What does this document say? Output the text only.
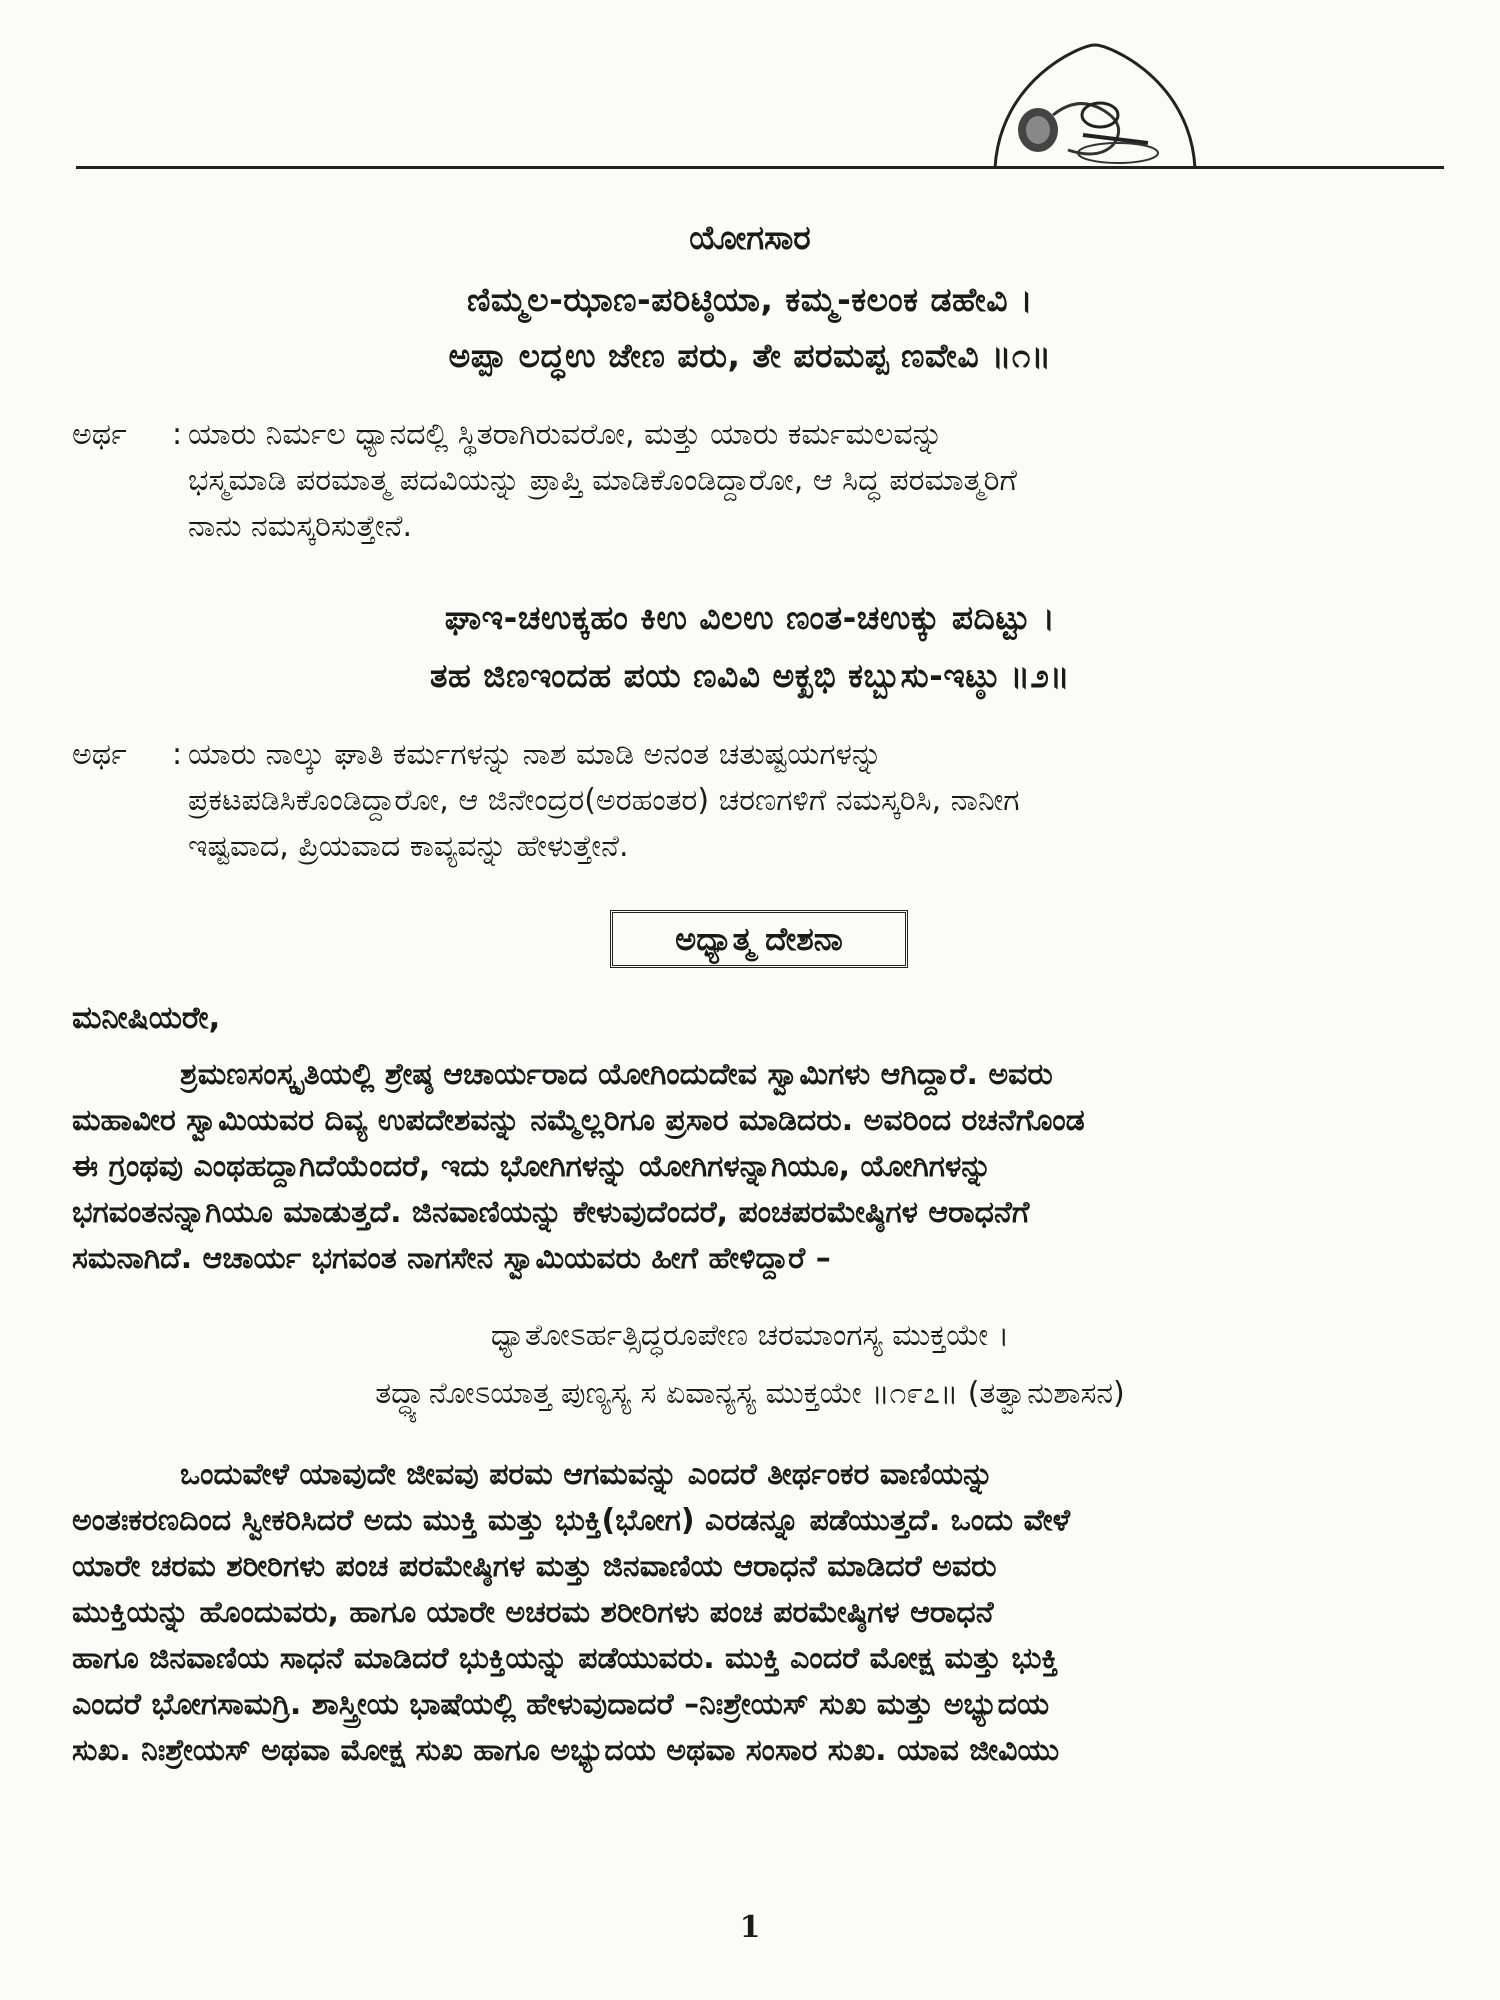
ಯೋಗಸಾರ
ಣಿಮ್ಮಲ-ಝಾಣ-ಪರಿಟ್ಠಿಯಾ, ಕಮ್ಮ-ಕಲಂಕ ಡಹೇವಿ ।
ಅಪ್ಪಾ ಲದ್ಧಉ ಜೇಣ ಪರು, ತೇ ಪರಮಪ್ಪ ಣವೇವಿ ॥೧॥
ಅರ್ಥ	: ಯಾರು ನಿರ್ಮಲ ಧ್ಯಾನದಲ್ಲಿ ಸ್ಥಿತರಾಗಿರುವರೋ, ಮತ್ತು ಯಾರು ಕರ್ಮಮಲವನ್ನು
ಭಸ್ಮಮಾಡಿ ಪರಮಾತ್ಮ ಪದವಿಯನ್ನು ಪ್ರಾಪ್ತಿ ಮಾಡಿಕೊಂಡಿದ್ದಾರೋ, ಆ ಸಿದ್ಧ ಪರಮಾತ್ಮರಿಗೆ
ನಾನು ನಮಸ್ಕರಿಸುತ್ತೇನೆ.
ಘಾಇ-ಚಉಕ್ಕಹಂ ಕಿಉ ವಿಲಉ ಣಂತ-ಚಉಕ್ಕು ಪದಿಟ್ಟು ।
ತಹ ಜಿಣಇಂದಹ ಪಯ ಣವಿವಿ ಅಕ್ಖಭಿ ಕಬ್ಬುಸು-ಇಟ್ಠು ॥೨॥
ಅರ್ಥ	: ಯಾರು ನಾಲ್ಕು ಘಾತಿ ಕರ್ಮಗಳನ್ನು ನಾಶ ಮಾಡಿ ಅನಂತ ಚತುಷ್ಟಯಗಳನ್ನು
ಪ್ರಕಟಪಡಿಸಿಕೊಂಡಿದ್ದಾರೋ, ಆ ಜಿನೇಂದ್ರರ(ಅರಹಂತರ) ಚರಣಗಳಿಗೆ ನಮಸ್ಕರಿಸಿ, ನಾನೀಗ
ಇಷ್ಟವಾದ, ಪ್ರಿಯವಾದ ಕಾವ್ಯವನ್ನು ಹೇಳುತ್ತೇನೆ.
ಅಧ್ಯಾತ್ಮ ದೇಶನಾ
ಮನೀಷಿಯರೇ,
ಶ್ರಮಣಸಂಸ್ಕೃತಿಯಲ್ಲಿ ಶ್ರೇಷ್ಠ ಆಚಾರ್ಯರಾದ ಯೋಗಿಂದುದೇವ ಸ್ವಾಮಿಗಳು ಆಗಿದ್ದಾರೆ. ಅವರು
ಮಹಾವೀರ ಸ್ವಾಮಿಯವರ ದಿವ್ಯ ಉಪದೇಶವನ್ನು ನಮ್ಮೆಲ್ಲರಿಗೂ ಪ್ರಸಾರ ಮಾಡಿದರು. ಅವರಿಂದ ರಚನೆಗೊಂಡ
ಈ ಗ್ರಂಥವು ಎಂಥಹದ್ದಾಗಿದೆಯೆಂದರೆ, ಇದು ಭೋಗಿಗಳನ್ನು ಯೋಗಿಗಳನ್ನಾಗಿಯೂ, ಯೋಗಿಗಳನ್ನು
ಭಗವಂತನನ್ನಾಗಿಯೂ ಮಾಡುತ್ತದೆ. ಜಿನವಾಣಿಯನ್ನು ಕೇಳುವುದೆಂದರೆ, ಪಂಚಪರಮೇಷ್ಠಿಗಳ ಆರಾಧನೆಗೆ
ಸಮನಾಗಿದೆ. ಆಚಾರ್ಯ ಭಗವಂತ ನಾಗಸೇನ ಸ್ವಾಮಿಯವರು ಹೀಗೆ ಹೇಳಿದ್ದಾರೆ –
ಧ್ಯಾತೋಽರ್ಹತ್ಸಿದ್ಧರೂಪೇಣ ಚರಮಾಂಗಸ್ಯ ಮುಕ್ತಯೇ ।
ತದ್ಧ್ಯಾನೋಽಯಾತ್ತ ಪುಣ್ಯಸ್ಯ ಸ ಏವಾನ್ಯಸ್ಯ ಮುಕ್ತಯೇ ॥೧೯೭॥ (ತತ್ವಾನುಶಾಸನ)
ಒಂದುವೇಳೆ ಯಾವುದೇ ಜೀವವು ಪರಮ ಆಗಮವನ್ನು ಎಂದರೆ ತೀರ್ಥಂಕರ ವಾಣಿಯನ್ನು
ಅಂತಃಕರಣದಿಂದ ಸ್ವೀಕರಿಸಿದರೆ ಅದು ಮುಕ್ತಿ ಮತ್ತು ಭುಕ್ತಿ(ಭೋಗ) ಎರಡನ್ನೂ ಪಡೆಯುತ್ತದೆ. ಒಂದು ವೇಳೆ
ಯಾರೇ ಚರಮ ಶರೀರಿಗಳು ಪಂಚ ಪರಮೇಷ್ಠಿಗಳ ಮತ್ತು ಜಿನವಾಣಿಯ ಆರಾಧನೆ ಮಾಡಿದರೆ ಅವರು
ಮುಕ್ತಿಯನ್ನು ಹೊಂದುವರು, ಹಾಗೂ ಯಾರೇ ಅಚರಮ ಶರೀರಿಗಳು ಪಂಚ ಪರಮೇಷ್ಠಿಗಳ ಆರಾಧನೆ
ಹಾಗೂ ಜಿನವಾಣಿಯ ಸಾಧನೆ ಮಾಡಿದರೆ ಭುಕ್ತಿಯನ್ನು ಪಡೆಯುವರು. ಮುಕ್ತಿ ಎಂದರೆ ಮೋಕ್ಷ ಮತ್ತು ಭುಕ್ತಿ
ಎಂದರೆ ಭೋಗಸಾಮಗ್ರಿ. ಶಾಸ್ತ್ರೀಯ ಭಾಷೆಯಲ್ಲಿ ಹೇಳುವುದಾದರೆ –ನಿಃಶ್ರೇಯಸ್ ಸುಖ ಮತ್ತು ಅಭ್ಯುದಯ
ಸುಖ. ನಿಃಶ್ರೇಯಸ್ ಅಥವಾ ಮೋಕ್ಷ ಸುಖ ಹಾಗೂ ಅಭ್ಯುದಯ ಅಥವಾ ಸಂಸಾರ ಸುಖ. ಯಾವ ಜೀವಿಯು
1
